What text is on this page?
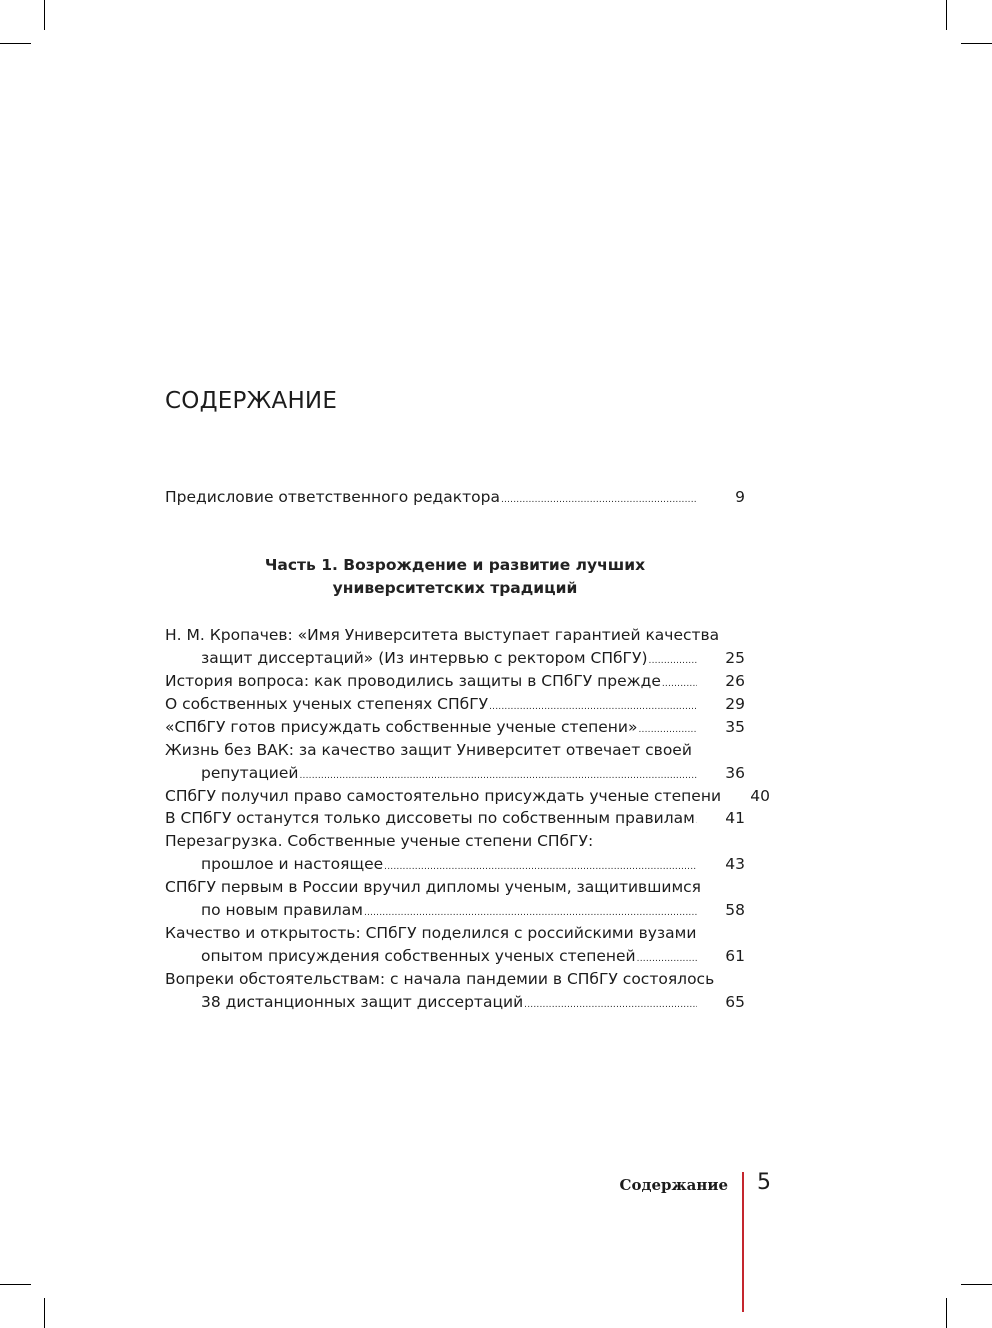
СОДЕРЖАНИЕ
Предисловие ответственного редактора .....	9
Часть 1. Возрождение и развитие лучших
университетских традиций
Н. М. Кропачев: «Имя Университета выступает гарантией качества
защит диссертаций» (Из интервью с ректором СПбГУ) .....	25
История вопроса: как проводились защиты в СПбГУ прежде .....	26
О собственных ученых степенях СПбГУ .....	29
«СПбГУ готов присуждать собственные ученые степени» .....	35
Жизнь без ВАК: за качество защит Университет отвечает своей
репутацией .....	36
СПбГУ получил право самостоятельно присуждать ученые степени	40
В СПбГУ останутся только диссоветы по собственным правилам .....	41
Перезагрузка. Собственные ученые степени СПбГУ:
прошлое и настоящее .....	43
СПбГУ первым в России вручил дипломы ученым, защитившимся
по новым правилам .....	58
Качество и открытость: СПбГУ поделился с российскими вузами
опытом присуждения собственных ученых степеней .....	61
Вопреки обстоятельствам: с начала пандемии в СПбГУ состоялось
38 дистанционных защит диссертаций .....	65
Содержание 5
